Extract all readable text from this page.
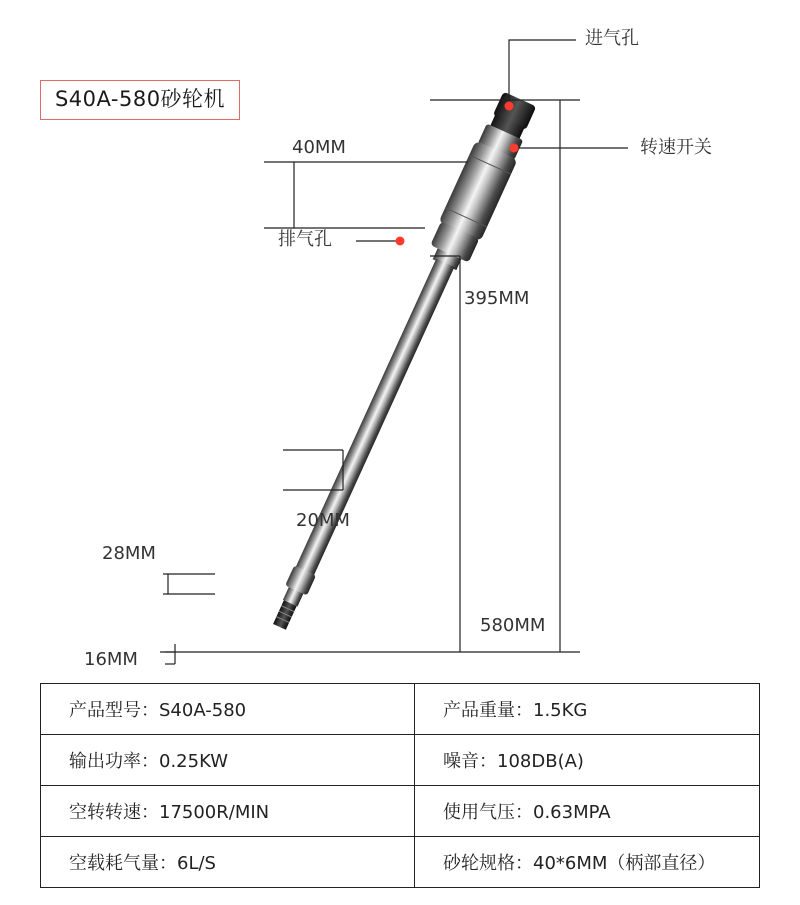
S40A-580砂轮机
进气孔
转速开关
排气孔
40MM
395MM
20MM
28MM
580MM
16MM
产品型号：S40A-580	产品重量：1.5KG
输出功率：0.25KW	噪音：108DB(A)
空转转速：17500R/MIN	使用气压：0.63MPA
空载耗气量：6L/S	砂轮规格：40*6MM（柄部直径）
